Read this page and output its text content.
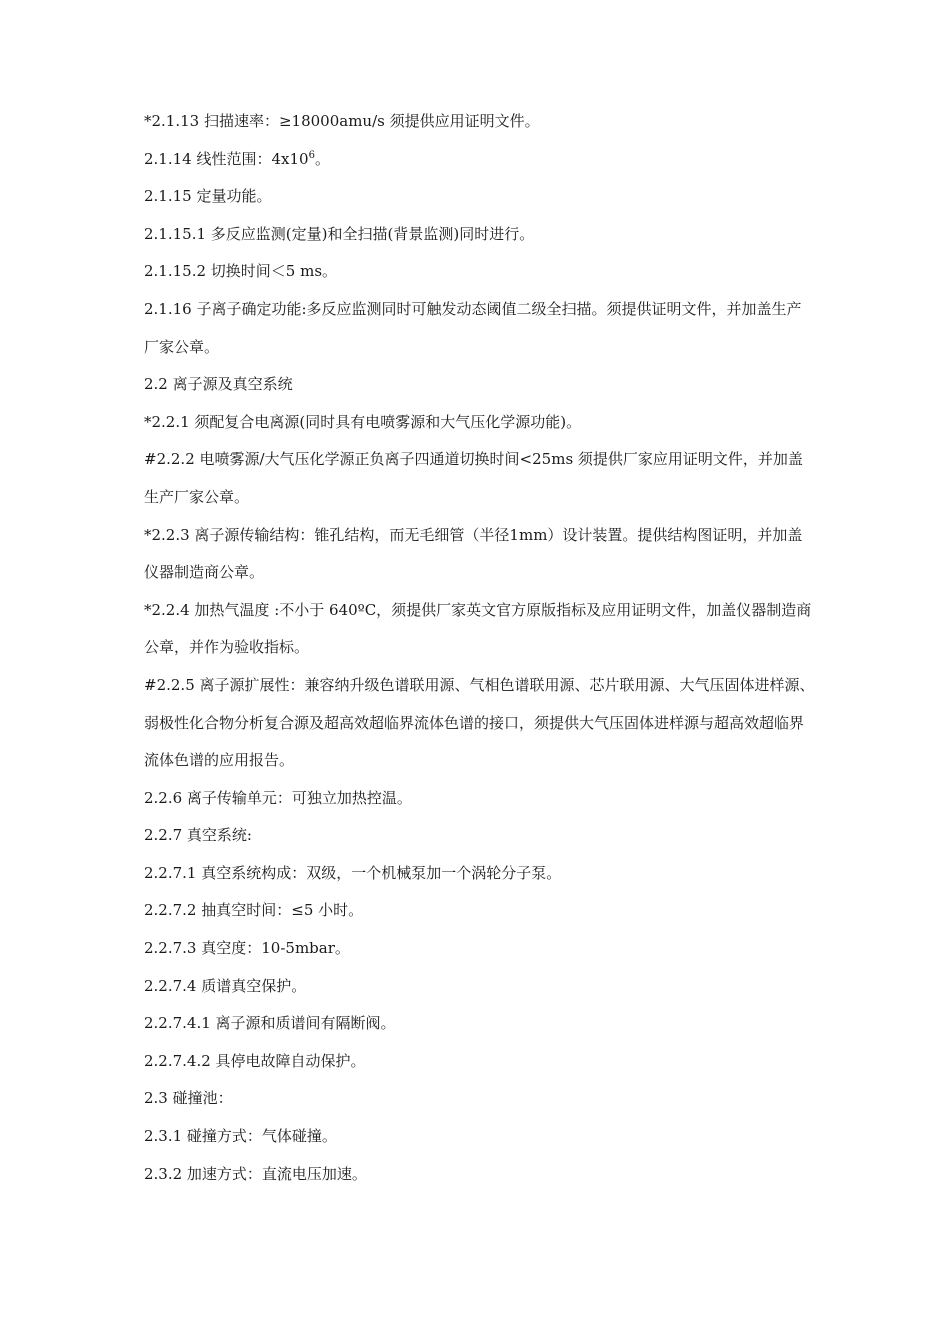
*2.1.13 扫描速率：≥18000amu/s 须提供应用证明文件。

2.1.14 线性范围：$4x10^6$。

2.1.15 定量功能。

2.1.15.1 多反应监测(定量)和全扫描(背景监测)同时进行。

2.1.15.2 切换时间＜5 ms。

2.1.16 子离子确定功能:多反应监测同时可触发动态阈值二级全扫描。须提供证明文件，并加盖生产厂家公章。

2.2 离子源及真空系统

*2.2.1 须配复合电离源(同时具有电喷雾源和大气压化学源功能)。

#2.2.2 电喷雾源/大气压化学源正负离子四通道切换时间<25ms 须提供厂家应用证明文件，并加盖生产厂家公章。

*2.2.3 离子源传输结构：锥孔结构，而无毛细管（半径1mm）设计装置。提供结构图证明，并加盖仪器制造商公章。

*2.2.4 加热气温度 :不小于 640ºC，须提供厂家英文官方原版指标及应用证明文件，加盖仪器制造商公章，并作为验收指标。

#2.2.5 离子源扩展性：兼容纳升级色谱联用源、气相色谱联用源、芯片联用源、大气压固体进样源、弱极性化合物分析复合源及超高效超临界流体色谱的接口，须提供大气压固体进样源与超高效超临界流体色谱的应用报告。

2.2.6 离子传输单元：可独立加热控温。

2.2.7 真空系统:

2.2.7.1 真空系统构成：双级，一个机械泵加一个涡轮分子泵。

2.2.7.2 抽真空时间：≤5 小时。

2.2.7.3 真空度：10-5mbar。

2.2.7.4 质谱真空保护。

2.2.7.4.1 离子源和质谱间有隔断阀。

2.2.7.4.2 具停电故障自动保护。

2.3 碰撞池：

2.3.1 碰撞方式：气体碰撞。

2.3.2 加速方式：直流电压加速。
